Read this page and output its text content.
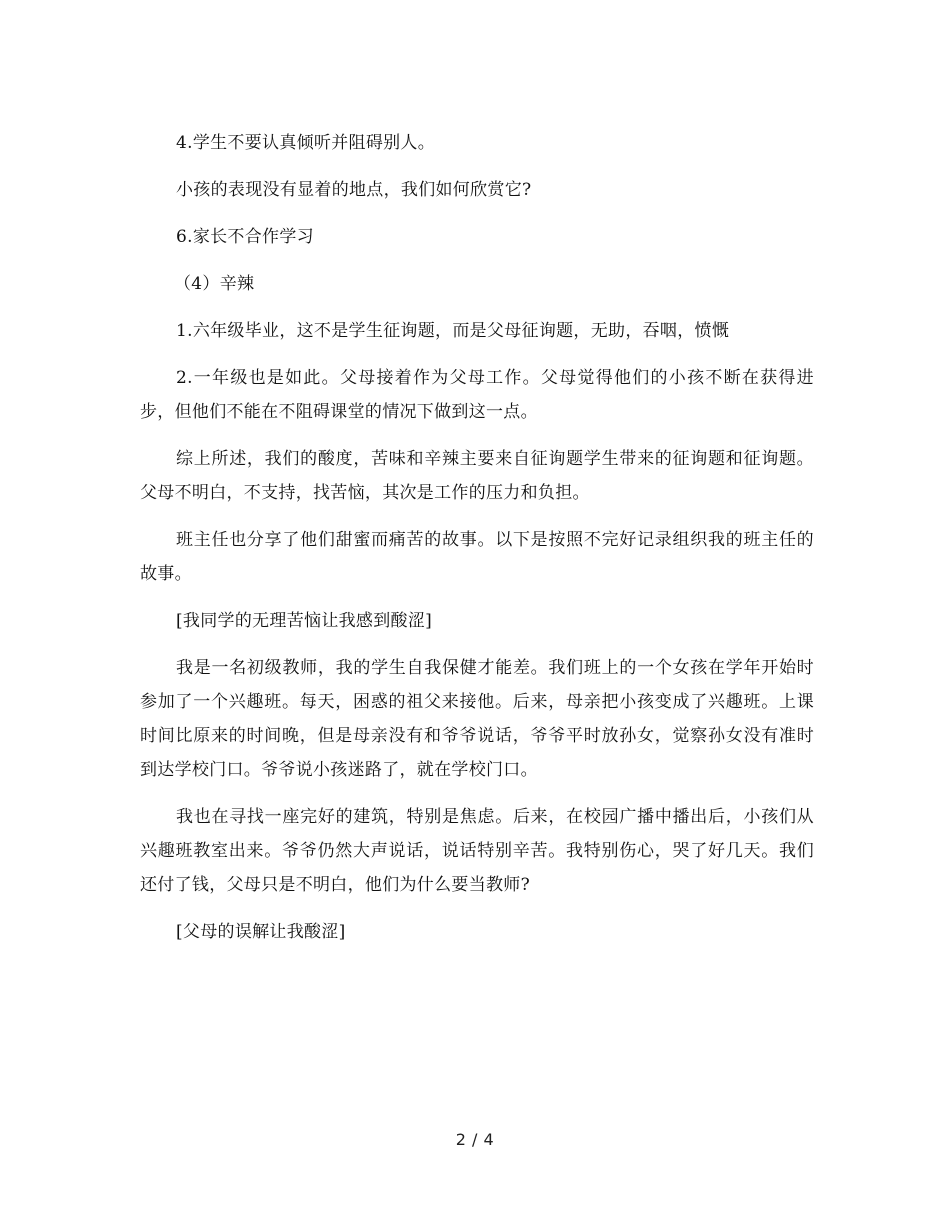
4.学生不要认真倾听并阻碍别人。

小孩的表现没有显着的地点，我们如何欣赏它?

6.家长不合作学习

（4）辛辣

1.六年级毕业，这不是学生征询题，而是父母征询题，无助，吞咽，愤慨

2.一年级也是如此。父母接着作为父母工作。父母觉得他们的小孩不断在获得进步，但他们不能在不阻碍课堂的情况下做到这一点。

综上所述，我们的酸度，苦味和辛辣主要来自征询题学生带来的征询题和征询题。父母不明白，不支持，找苦恼，其次是工作的压力和负担。

班主任也分享了他们甜蜜而痛苦的故事。以下是按照不完好记录组织我的班主任的故事。

[我同学的无理苦恼让我感到酸涩]

我是一名初级教师，我的学生自我保健才能差。我们班上的一个女孩在学年开始时参加了一个兴趣班。每天，困惑的祖父来接他。后来，母亲把小孩变成了兴趣班。上课时间比原来的时间晚，但是母亲没有和爷爷说话，爷爷平时放孙女，觉察孙女没有准时到达学校门口。爷爷说小孩迷路了，就在学校门口。

我也在寻找一座完好的建筑，特别是焦虑。后来，在校园广播中播出后，小孩们从兴趣班教室出来。爷爷仍然大声说话，说话特别辛苦。我特别伤心，哭了好几天。我们还付了钱，父母只是不明白，他们为什么要当教师?

[父母的误解让我酸涩]

2 / 4
